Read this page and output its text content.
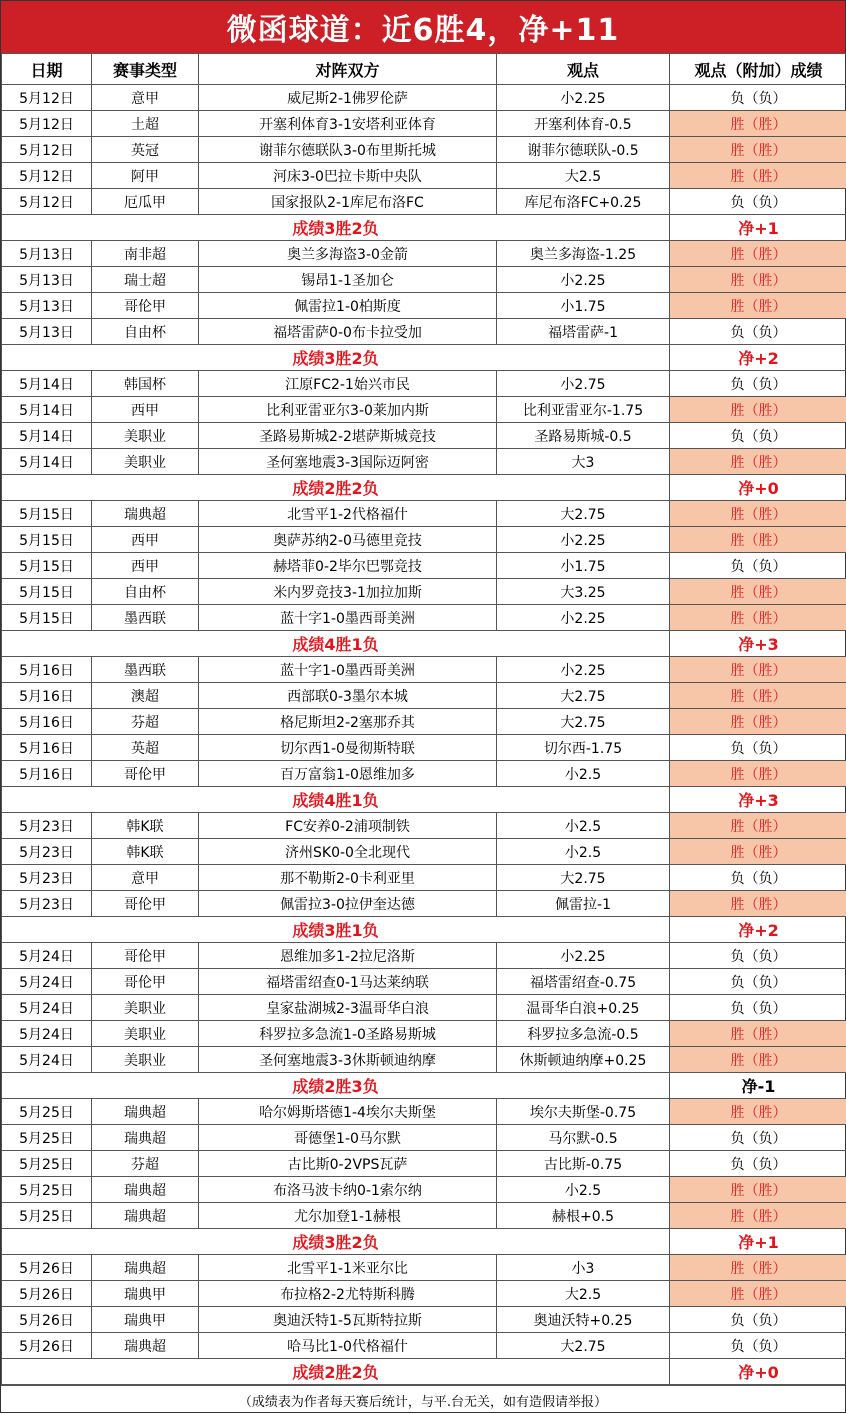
微函球道：近6胜4，净+11
日期	赛事类型	对阵双方	观点	观点（附加）成绩
5月12日	意甲	威尼斯2-1佛罗伦萨	小2.25	负（负）
5月12日	土超	开塞利体育3-1安塔利亚体育	开塞利体育-0.5	胜（胜）
5月12日	英冠	谢菲尔德联队3-0布里斯托城	谢菲尔德联队-0.5	胜（胜）
5月12日	阿甲	河床3-0巴拉卡斯中央队	大2.5	胜（胜）
5月12日	厄瓜甲	国家报队2-1库尼布洛FC	库尼布洛FC+0.25	负（负）
成绩3胜2负				净+1
5月13日	南非超	奥兰多海盗3-0金箭	奥兰多海盗-1.25	胜（胜）
5月13日	瑞士超	锡昂1-1圣加仑	小2.25	胜（胜）
5月13日	哥伦甲	佩雷拉1-0柏斯度	小1.75	胜（胜）
5月13日	自由杯	福塔雷萨0-0布卡拉受加	福塔雷萨-1	负（负）
成绩3胜2负				净+2
5月14日	韩国杯	江原FC2-1始兴市民	小2.75	负（负）
5月14日	西甲	比利亚雷亚尔3-0莱加内斯	比利亚雷亚尔-1.75	胜（胜）
5月14日	美职业	圣路易斯城2-2堪萨斯城竞技	圣路易斯城-0.5	负（负）
5月14日	美职业	圣何塞地震3-3国际迈阿密	大3	胜（胜）
成绩2胜2负				净+0
5月15日	瑞典超	北雪平1-2代格福什	大2.75	胜（胜）
5月15日	西甲	奥萨苏纳2-0马德里竞技	小2.25	胜（胜）
5月15日	西甲	赫塔菲0-2毕尔巴鄂竞技	小1.75	负（负）
5月15日	自由杯	米内罗竞技3-1加拉加斯	大3.25	胜（胜）
5月15日	墨西联	蓝十字1-0墨西哥美洲	小2.25	胜（胜）
成绩4胜1负				净+3
5月16日	墨西联	蓝十字1-0墨西哥美洲	小2.25	胜（胜）
5月16日	澳超	西部联0-3墨尔本城	大2.75	胜（胜）
5月16日	芬超	格尼斯坦2-2塞那乔其	大2.75	胜（胜）
5月16日	英超	切尔西1-0曼彻斯特联	切尔西-1.75	负（负）
5月16日	哥伦甲	百万富翁1-0恩维加多	小2.5	胜（胜）
成绩4胜1负				净+3
5月23日	韩K联	FC安养0-2浦项制铁	小2.5	胜（胜）
5月23日	韩K联	济州SK0-0全北现代	小2.5	胜（胜）
5月23日	意甲	那不勒斯2-0卡利亚里	大2.75	负（负）
5月23日	哥伦甲	佩雷拉3-0拉伊奎达德	佩雷拉-1	胜（胜）
成绩3胜1负				净+2
5月24日	哥伦甲	恩维加多1-2拉尼洛斯	小2.25	负（负）
5月24日	哥伦甲	福塔雷绍查0-1马达莱纳联	福塔雷绍查-0.75	负（负）
5月24日	美职业	皇家盐湖城2-3温哥华白浪	温哥华白浪+0.25	负（负）
5月24日	美职业	科罗拉多急流1-0圣路易斯城	科罗拉多急流-0.5	胜（胜）
5月24日	美职业	圣何塞地震3-3休斯顿迪纳摩	休斯顿迪纳摩+0.25	胜（胜）
成绩2胜3负				净-1
5月25日	瑞典超	哈尔姆斯塔德1-4埃尔夫斯堡	埃尔夫斯堡-0.75	胜（胜）
5月25日	瑞典超	哥德堡1-0马尔默	马尔默-0.5	负（负）
5月25日	芬超	古比斯0-2VPS瓦萨	古比斯-0.75	负（负）
5月25日	瑞典超	布洛马波卡纳0-1索尔纳	小2.5	胜（胜）
5月25日	瑞典超	尤尔加登1-1赫根	赫根+0.5	胜（胜）
成绩3胜2负				净+1
5月26日	瑞典超	北雪平1-1米亚尔比	小3	胜（胜）
5月26日	瑞典甲	布拉格2-2尤特斯科腾	大2.5	胜（胜）
5月26日	瑞典甲	奥迪沃特1-5瓦斯特拉斯	奥迪沃特+0.25	负（负）
5月26日	瑞典超	哈马比1-0代格福什	大2.75	负（负）
成绩2胜2负				净+0
（成绩表为作者每天赛后统计，与平.台无关，如有造假请举报）
